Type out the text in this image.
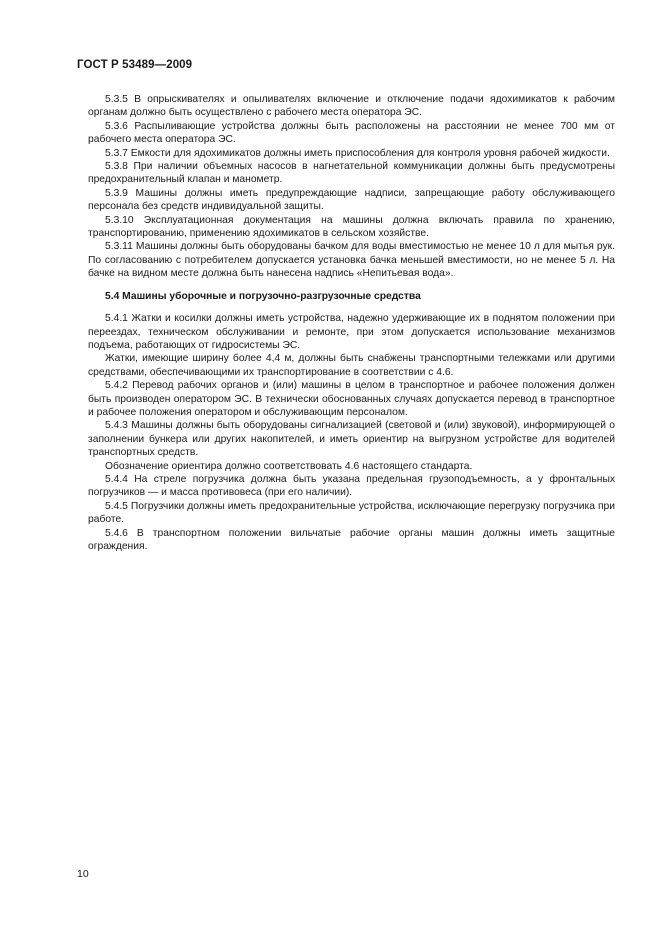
ГОСТ Р 53489—2009

5.3.5 В опрыскивателях и опыливателях включение и отключение подачи ядохимикатов к рабочим органам должно быть осуществлено с рабочего места оператора ЭС.

5.3.6 Распыливающие устройства должны быть расположены на расстоянии не менее 700 мм от рабочего места оператора ЭС.

5.3.7 Емкости для ядохимикатов должны иметь приспособления для контроля уровня рабочей жидкости.

5.3.8 При наличии объемных насосов в нагнетательной коммуникации должны быть предусмотрены предохранительный клапан и манометр.

5.3.9 Машины должны иметь предупреждающие надписи, запрещающие работу обслуживающего персонала без средств индивидуальной защиты.

5.3.10 Эксплуатационная документация на машины должна включать правила по хранению, транспортированию, применению ядохимикатов в сельском хозяйстве.

5.3.11 Машины должны быть оборудованы бачком для воды вместимостью не менее 10 л для мытья рук. По согласованию с потребителем допускается установка бачка меньшей вместимости, но не менее 5 л. На бачке на видном месте должна быть нанесена надпись «Непитьевая вода».

5.4 Машины уборочные и погрузочно-разгрузочные средства

5.4.1 Жатки и косилки должны иметь устройства, надежно удерживающие их в поднятом положении при переездах, техническом обслуживании и ремонте, при этом допускается использование механизмов подъема, работающих от гидросистемы ЭС.

Жатки, имеющие ширину более 4,4 м, должны быть снабжены транспортными тележками или другими средствами, обеспечивающими их транспортирование в соответствии с 4.6.

5.4.2 Перевод рабочих органов и (или) машины в целом в транспортное и рабочее положения должен быть производен оператором ЭС. В технически обоснованных случаях допускается перевод в транспортное и рабочее положения оператором и обслуживающим персоналом.

5.4.3 Машины должны быть оборудованы сигнализацией (световой и (или) звуковой), информирующей о заполнении бункера или других накопителей, и иметь ориентир на выгрузном устройстве для водителей транспортных средств.

Обозначение ориентира должно соответствовать 4.6 настоящего стандарта.

5.4.4 На стреле погрузчика должна быть указана предельная грузоподъемность, а у фронтальных погрузчиков — и масса противовеса (при его наличии).

5.4.5 Погрузчики должны иметь предохранительные устройства, исключающие перегрузку погрузчика при работе.

5.4.6 В транспортном положении вильчатые рабочие органы машин должны иметь защитные ограждения.

10
